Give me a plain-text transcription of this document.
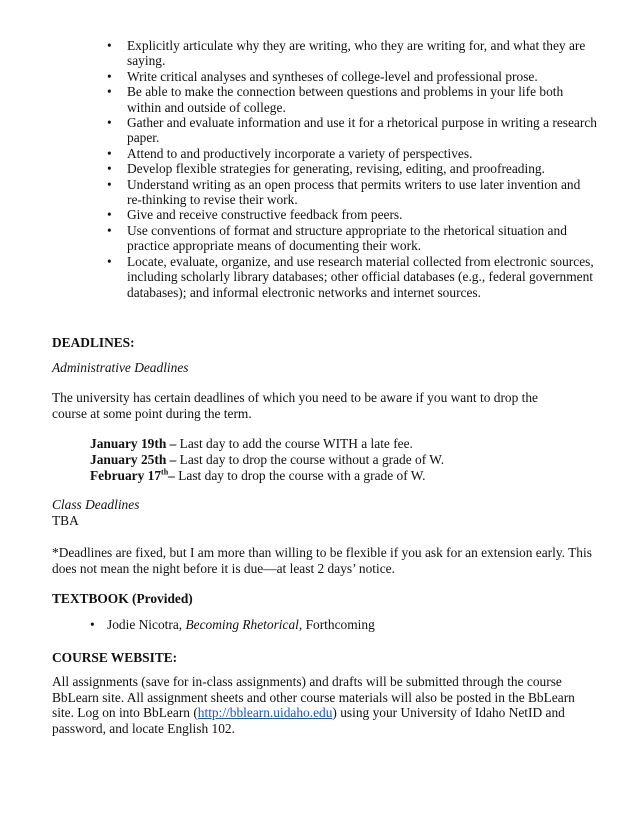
• Explicitly articulate why they are writing, who they are writing for, and what they are saying.
• Write critical analyses and syntheses of college-level and professional prose.
• Be able to make the connection between questions and problems in your life both within and outside of college.
• Gather and evaluate information and use it for a rhetorical purpose in writing a research paper.
• Attend to and productively incorporate a variety of perspectives.
• Develop flexible strategies for generating, revising, editing, and proofreading.
• Understand writing as an open process that permits writers to use later invention and re-thinking to revise their work.
• Give and receive constructive feedback from peers.
• Use conventions of format and structure appropriate to the rhetorical situation and practice appropriate means of documenting their work.
• Locate, evaluate, organize, and use research material collected from electronic sources, including scholarly library databases; other official databases (e.g., federal government databases); and informal electronic networks and internet sources.
DEADLINES:
Administrative Deadlines
The university has certain deadlines of which you need to be aware if you want to drop the course at some point during the term.
January 19th – Last day to add the course WITH a late fee.
January 25th – Last day to drop the course without a grade of W.
February 17th– Last day to drop the course with a grade of W.
Class Deadlines
TBA
*Deadlines are fixed, but I am more than willing to be flexible if you ask for an extension early. This does not mean the night before it is due—at least 2 days’ notice.
TEXTBOOK (Provided)
• Jodie Nicotra, Becoming Rhetorical, Forthcoming
COURSE WEBSITE:
All assignments (save for in-class assignments) and drafts will be submitted through the course BbLearn site. All assignment sheets and other course materials will also be posted in the BbLearn site. Log on into BbLearn (http://bblearn.uidaho.edu) using your University of Idaho NetID and password, and locate English 102.
